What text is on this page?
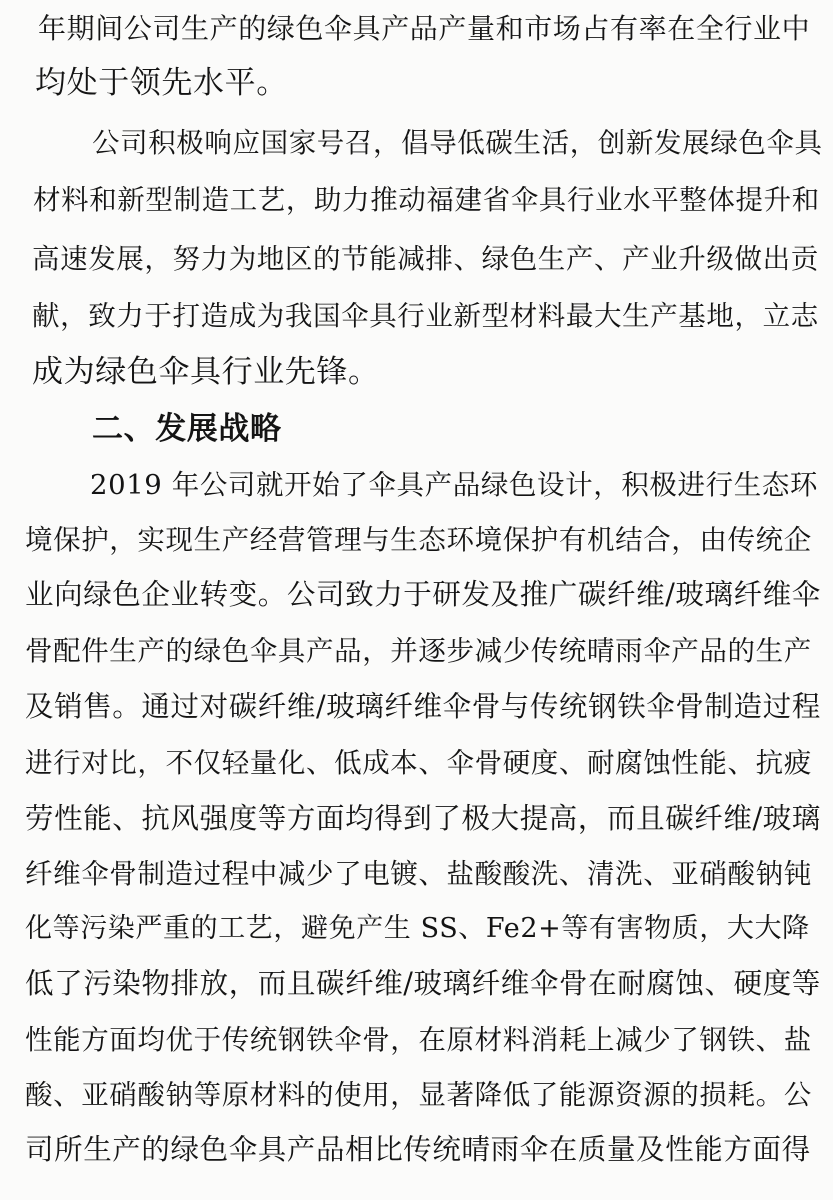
年期间公司生产的绿色伞具产品产量和市场占有率在全行业中
均处于领先水平。
公司积极响应国家号召，倡导低碳生活，创新发展绿色伞具
材料和新型制造工艺，助力推动福建省伞具行业水平整体提升和
高速发展，努力为地区的节能减排、绿色生产、产业升级做出贡
献，致力于打造成为我国伞具行业新型材料最大生产基地，立志
成为绿色伞具行业先锋。
二、发展战略
2019 年公司就开始了伞具产品绿色设计，积极进行生态环
境保护，实现生产经营管理与生态环境保护有机结合，由传统企
业向绿色企业转变。公司致力于研发及推广碳纤维/玻璃纤维伞
骨配件生产的绿色伞具产品，并逐步减少传统晴雨伞产品的生产
及销售。通过对碳纤维/玻璃纤维伞骨与传统钢铁伞骨制造过程
进行对比，不仅轻量化、低成本、伞骨硬度、耐腐蚀性能、抗疲
劳性能、抗风强度等方面均得到了极大提高，而且碳纤维/玻璃
纤维伞骨制造过程中减少了电镀、盐酸酸洗、清洗、亚硝酸钠钝
化等污染严重的工艺，避免产生 SS、Fe2+等有害物质，大大降
低了污染物排放，而且碳纤维/玻璃纤维伞骨在耐腐蚀、硬度等
性能方面均优于传统钢铁伞骨，在原材料消耗上减少了钢铁、盐
酸、亚硝酸钠等原材料的使用，显著降低了能源资源的损耗。公
司所生产的绿色伞具产品相比传统晴雨伞在质量及性能方面得
